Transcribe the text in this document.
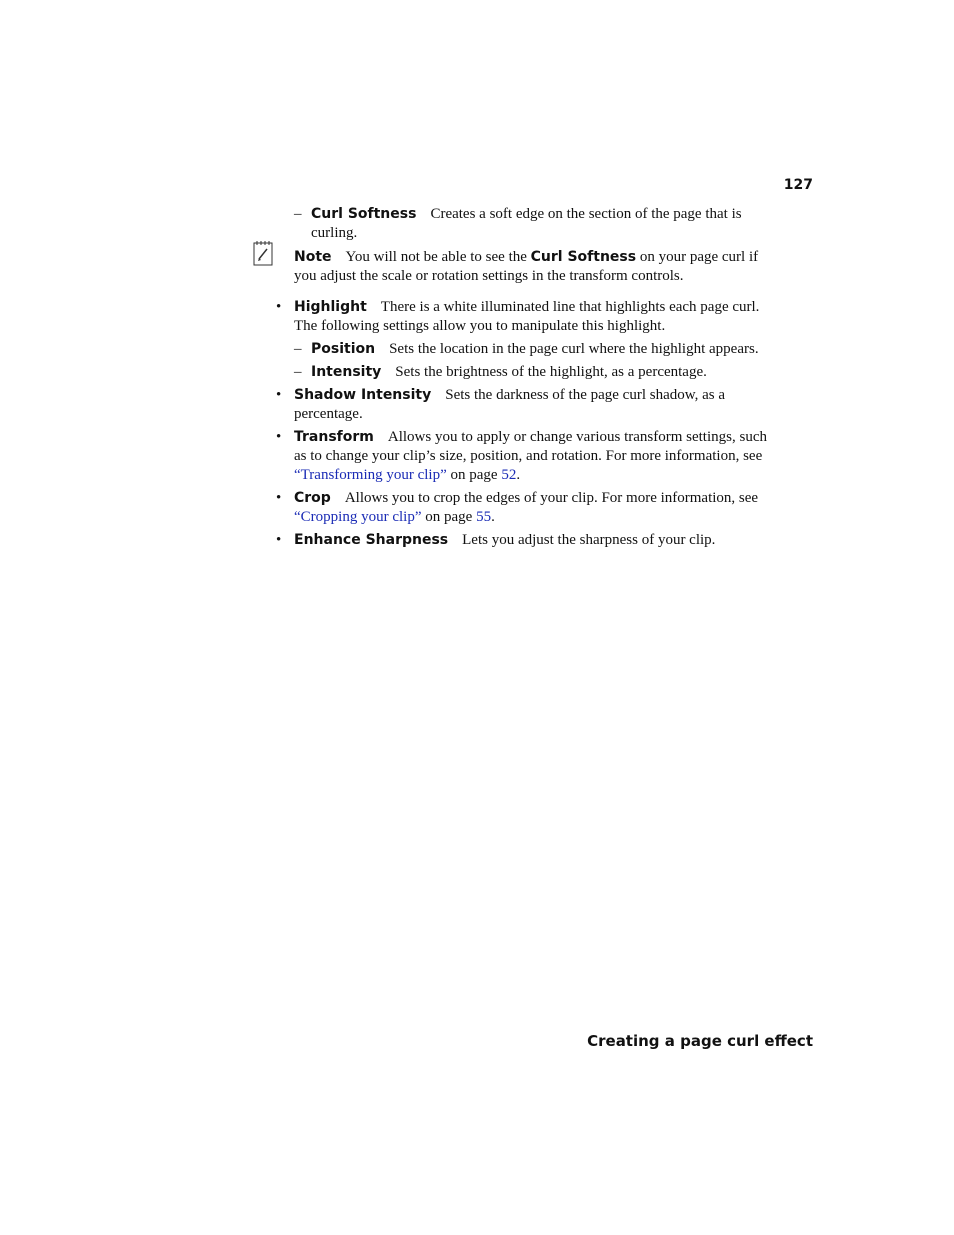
127
– Curl Softness Creates a soft edge on the section of the page that is curling.
Note You will not be able to see the Curl Softness on your page curl if you adjust the scale or rotation settings in the transform controls.
• Highlight There is a white illuminated line that highlights each page curl. The following settings allow you to manipulate this highlight.
– Position Sets the location in the page curl where the highlight appears.
– Intensity Sets the brightness of the highlight, as a percentage.
• Shadow Intensity Sets the darkness of the page curl shadow, as a percentage.
• Transform Allows you to apply or change various transform settings, such as to change your clip’s size, position, and rotation. For more information, see “Transforming your clip” on page 52.
• Crop Allows you to crop the edges of your clip. For more information, see “Cropping your clip” on page 55.
• Enhance Sharpness Lets you adjust the sharpness of your clip.
Creating a page curl effect
